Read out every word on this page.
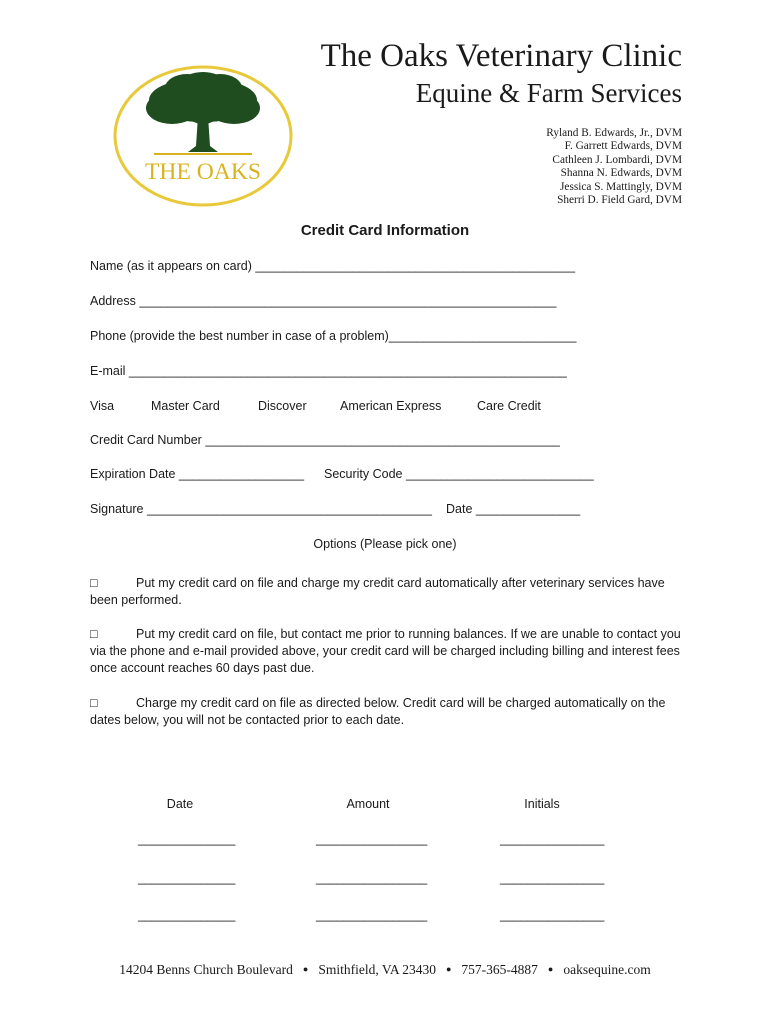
THE OAKS
The Oaks Veterinary Clinic
Equine & Farm Services
Ryland B. Edwards, Jr., DVM
F. Garrett Edwards, DVM
Cathleen J. Lombardi, DVM
Shanna N. Edwards, DVM
Jessica S. Mattingly, DVM
Sherri D. Field Gard, DVM
Credit Card Information
Name (as it appears on card) ______________________________________________
Address ____________________________________________________________
Phone (provide the best number in case of a problem)___________________________
E-mail _______________________________________________________________
Visa	Master Card	Discover	American Express	Care Credit
Credit Card Number ___________________________________________________
Expiration Date __________________ Security Code ___________________________
Signature _________________________________________ Date _______________
Options (Please pick one)
□	Put my credit card on file and charge my credit card automatically after veterinary services have been performed.
□	Put my credit card on file, but contact me prior to running balances. If we are unable to contact you via the phone and e-mail provided above, your credit card will be charged including billing and interest fees once account reaches 60 days past due.
□	Charge my credit card on file as directed below. Credit card will be charged automatically on the dates below, you will not be contacted prior to each date.
Date	Amount	Initials
______________	________________	_______________
______________	________________	_______________
______________	________________	_______________
14204 Benns Church Boulevard ● Smithfield, VA 23430 ● 757-365-4887 ● oaksequine.com
